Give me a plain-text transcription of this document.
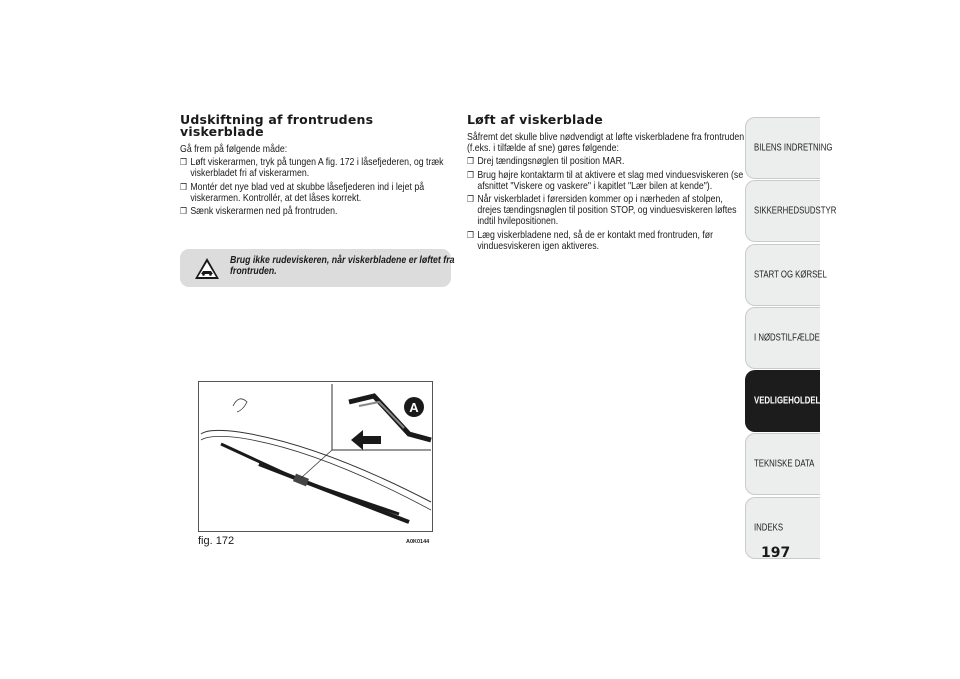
Udskiftning af frontrudens
viskerblade
Gå frem på følgende måde:
❒ Løft viskerarmen, tryk på tungen A fig. 172 i låsefjederen, og træk
viskerbladet fri af viskerarmen.
❒ Montér det nye blad ved at skubbe låsefjederen ind i lejet på
viskerarmen. Kontrollér, at det låses korrekt.
❒ Sænk viskerarmen ned på frontruden.
Brug ikke rudeviskeren, når viskerbladene er løftet fra
frontruden.
A
fig. 172	A0K0144
Løft af viskerblade
Såfremt det skulle blive nødvendigt at løfte viskerbladene fra frontruden
(f.eks. i tilfælde af sne) gøres følgende:
❒ Drej tændingsnøglen til position MAR.
❒ Brug højre kontaktarm til at aktivere et slag med vinduesviskeren (se
afsnittet "Viskere og vaskere" i kapitlet "Lær bilen at kende").
❒ Når viskerbladet i førersiden kommer op i nærheden af stolpen,
drejes tændingsnøglen til position STOP, og vinduesviskeren løftes
indtil hvilepositionen.
❒ Læg viskerbladene ned, så de er kontakt med frontruden, før
vinduesviskeren igen aktiveres.
BILENS INDRETNING
SIKKERHEDSUDSTYR
START OG KØRSEL
I NØDSTILFÆLDE
VEDLIGEHOLDELSE
TEKNISKE DATA
INDEKS
197
